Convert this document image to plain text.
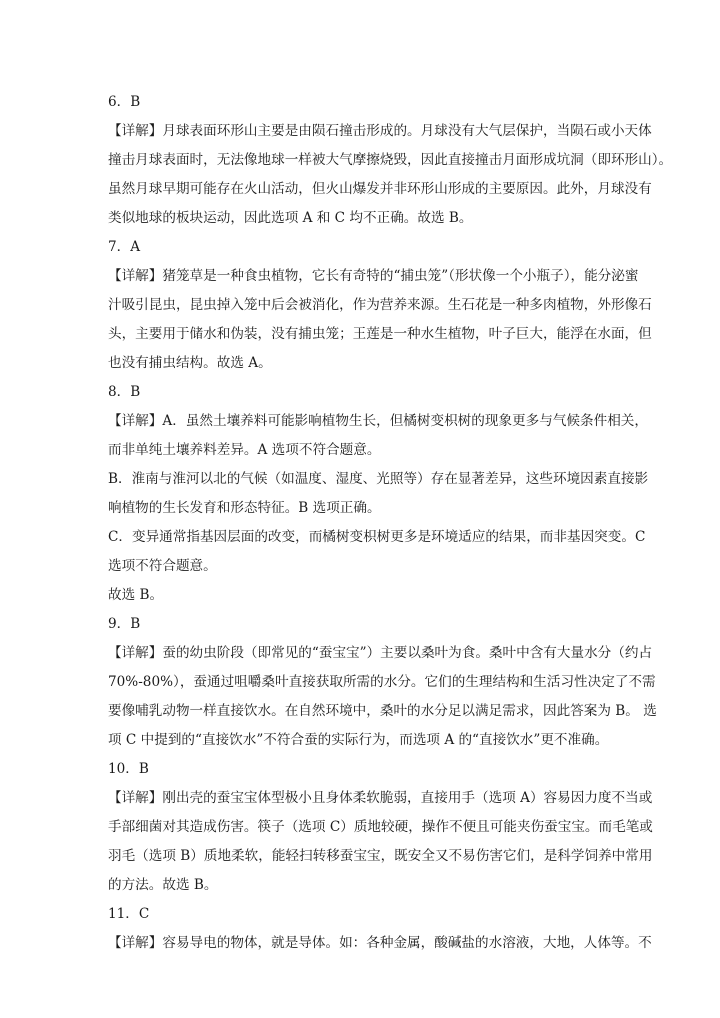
6．B
【详解】月球表面环形山主要是由陨石撞击形成的。月球没有大气层保护，当陨石或小天体
撞击月球表面时，无法像地球一样被大气摩擦烧毁，因此直接撞击月面形成坑洞（即环形山）。
虽然月球早期可能存在火山活动，但火山爆发并非环形山形成的主要原因。此外，月球没有
类似地球的板块运动，因此选项 A 和 C 均不正确。故选 B。
7．A
【详解】猪笼草是一种食虫植物，它长有奇特的“捕虫笼”（形状像一个小瓶子），能分泌蜜
汁吸引昆虫，昆虫掉入笼中后会被消化，作为营养来源。生石花是一种多肉植物，外形像石
头，主要用于储水和伪装，没有捕虫笼；王莲是一种水生植物，叶子巨大，能浮在水面，但
也没有捕虫结构。故选 A。
8．B
【详解】A．虽然土壤养料可能影响植物生长，但橘树变枳树的现象更多与气候条件相关，
而非单纯土壤养料差异。A 选项不符合题意。
B．淮南与淮河以北的气候（如温度、湿度、光照等）存在显著差异，这些环境因素直接影
响植物的生长发育和形态特征。B 选项正确。
C．变异通常指基因层面的改变，而橘树变枳树更多是环境适应的结果，而非基因突变。C
选项不符合题意。
故选 B。
9．B
【详解】蚕的幼虫阶段（即常见的“蚕宝宝”）主要以桑叶为食。桑叶中含有大量水分（约占
70%-80%），蚕通过咀嚼桑叶直接获取所需的水分。它们的生理结构和生活习性决定了不需
要像哺乳动物一样直接饮水。在自然环境中，桑叶的水分足以满足需求，因此答案为 B。 选
项 C 中提到的“直接饮水”不符合蚕的实际行为，而选项 A 的“直接饮水”更不准确。
10．B
【详解】刚出壳的蚕宝宝体型极小且身体柔软脆弱，直接用手（选项 A）容易因力度不当或
手部细菌对其造成伤害。筷子（选项 C）质地较硬，操作不便且可能夹伤蚕宝宝。而毛笔或
羽毛（选项 B）质地柔软，能轻扫转移蚕宝宝，既安全又不易伤害它们，是科学饲养中常用
的方法。故选 B。
11．C
【详解】容易导电的物体，就是导体。如：各种金属，酸碱盐的水溶液，大地，人体等。不
